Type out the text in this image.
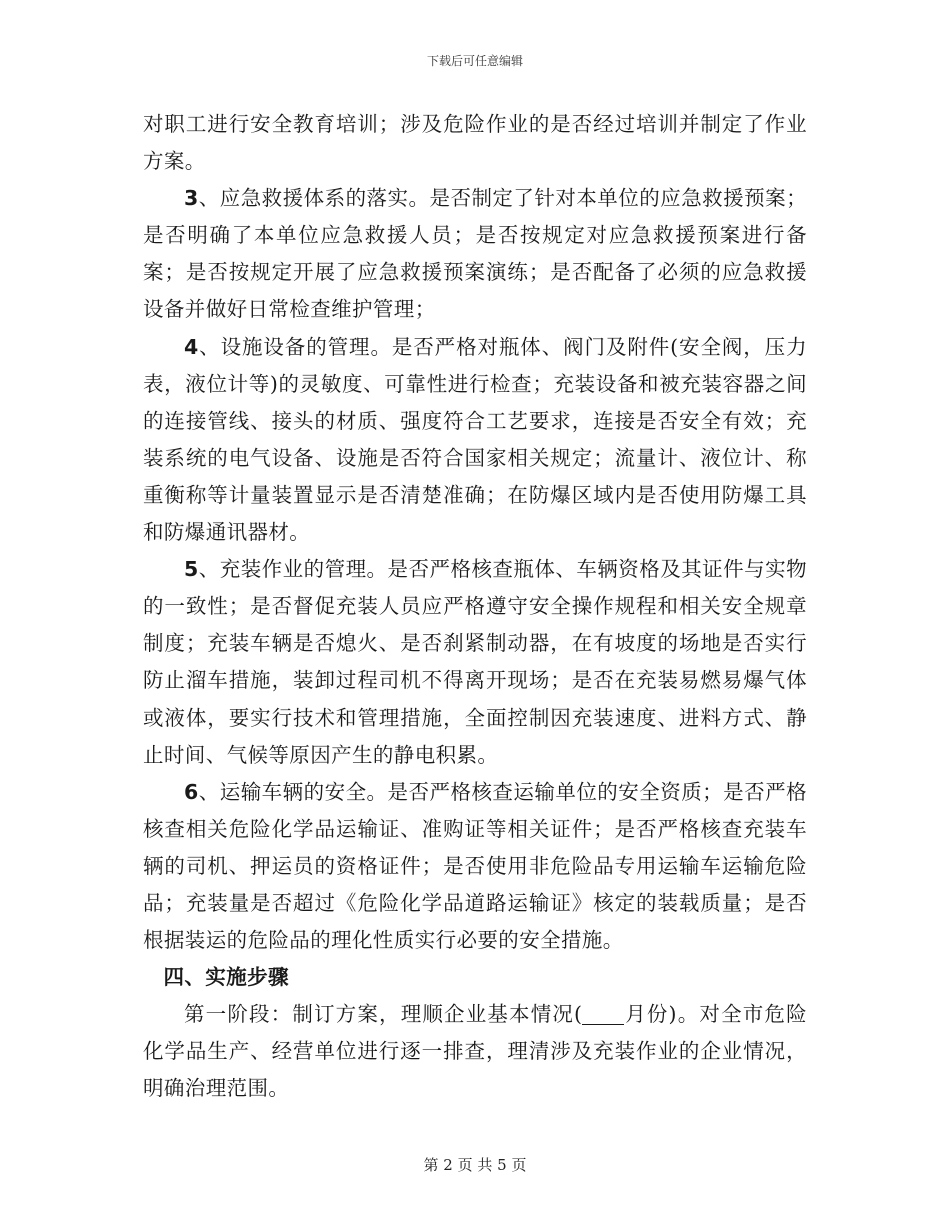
下载后可任意编辑

对职工进行安全教育培训；涉及危险作业的是否经过培训并制定了作业方案。

3、应急救援体系的落实。是否制定了针对本单位的应急救援预案；是否明确了本单位应急救援人员；是否按规定对应急救援预案进行备案；是否按规定开展了应急救援预案演练；是否配备了必须的应急救援设备并做好日常检查维护管理；

4、设施设备的管理。是否严格对瓶体、阀门及附件(安全阀，压力表，液位计等)的灵敏度、可靠性进行检查；充装设备和被充装容器之间的连接管线、接头的材质、强度符合工艺要求，连接是否安全有效；充装系统的电气设备、设施是否符合国家相关规定；流量计、液位计、称重衡称等计量装置显示是否清楚准确；在防爆区域内是否使用防爆工具和防爆通讯器材。

5、充装作业的管理。是否严格核查瓶体、车辆资格及其证件与实物的一致性；是否督促充装人员应严格遵守安全操作规程和相关安全规章制度；充装车辆是否熄火、是否刹紧制动器，在有坡度的场地是否实行防止溜车措施，装卸过程司机不得离开现场；是否在充装易燃易爆气体或液体，要实行技术和管理措施，全面控制因充装速度、进料方式、静止时间、气候等原因产生的静电积累。

6、运输车辆的安全。是否严格核查运输单位的安全资质；是否严格核查相关危险化学品运输证、准购证等相关证件；是否严格核查充装车辆的司机、押运员的资格证件；是否使用非危险品专用运输车运输危险品；充装量是否超过《危险化学品道路运输证》核定的装载质量；是否根据装运的危险品的理化性质实行必要的安全措施。

四、实施步骤

第一阶段：制订方案，理顺企业基本情况( 月份)。对全市危险化学品生产、经营单位进行逐一排查，理清涉及充装作业的企业情况，明确治理范围。

第 2 页 共 5 页
